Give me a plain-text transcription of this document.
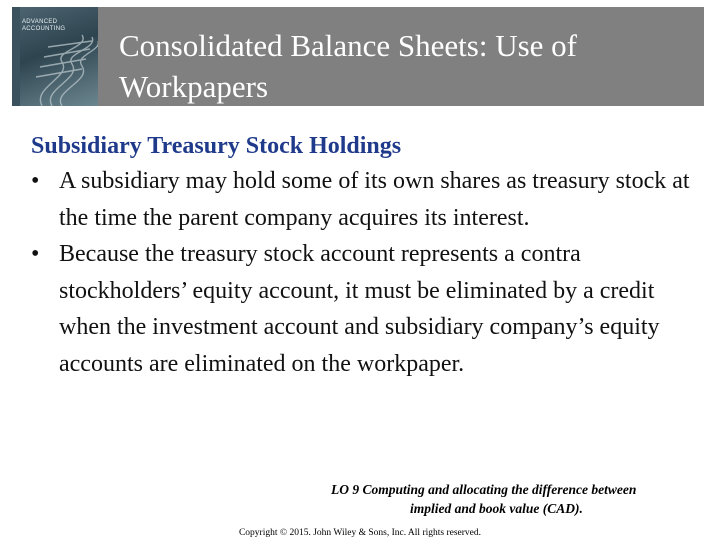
ADVANCED ACCOUNTING	Consolidated Balance Sheets: Use of Workpapers
Subsidiary Treasury Stock Holdings
• A subsidiary may hold some of its own shares as treasury stock at the time the parent company acquires its interest.
• Because the treasury stock account represents a contra stockholders’ equity account, it must be eliminated by a credit when the investment account and subsidiary company’s equity accounts are eliminated on the workpaper.
LO 9 Computing and allocating the difference between
implied and book value (CAD).
Copyright © 2015. John Wiley & Sons, Inc. All rights reserved.
